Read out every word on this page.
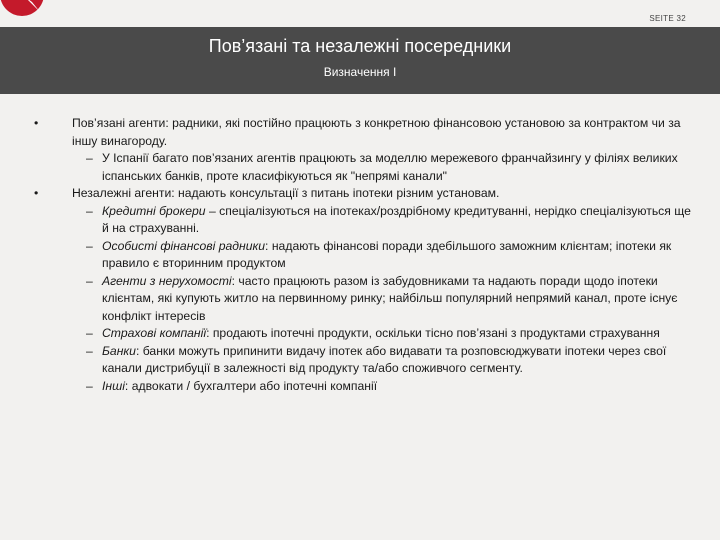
SEITE 32
Пов’язані та незалежні посередники
Визначення I
•	Пов’язані агенти: радники, які постійно працюють з конкретною фінансовою установою за контрактом чи за іншу винагороду.
– У Іспанії багато пов’язаних агентів працюють за моделлю мережевого франчайзингу у філіях великих іспанських банків, проте класифікуються як "непрямі канали"
•	Незалежні агенти: надають консультації з питань іпотеки різним установам.
– Кредитні брокери – спеціалізуються на іпотеках/роздрібному кредитуванні, нерідко спеціалізуються ще й на страхуванні.
– Особисті фінансові радники: надають фінансові поради здебільшого заможним клієнтам; іпотеки як правило є вторинним продуктом
– Агенти з нерухомості: часто працюють разом із забудовниками та надають поради щодо іпотеки клієнтам, які купують житло на первинному ринку; найбільш популярний непрямий канал, проте існує конфлікт інтересів
– Страхові компанії: продають іпотечні продукти, оскільки тісно пов’язані з продуктами страхування
– Банки: банки можуть припинити видачу іпотек або видавати та розповсюджувати іпотеки через свої канали дистрибуції в залежності від продукту та/або споживчого сегменту.
– Інші: адвокати / бухгалтери або іпотечні компанії
